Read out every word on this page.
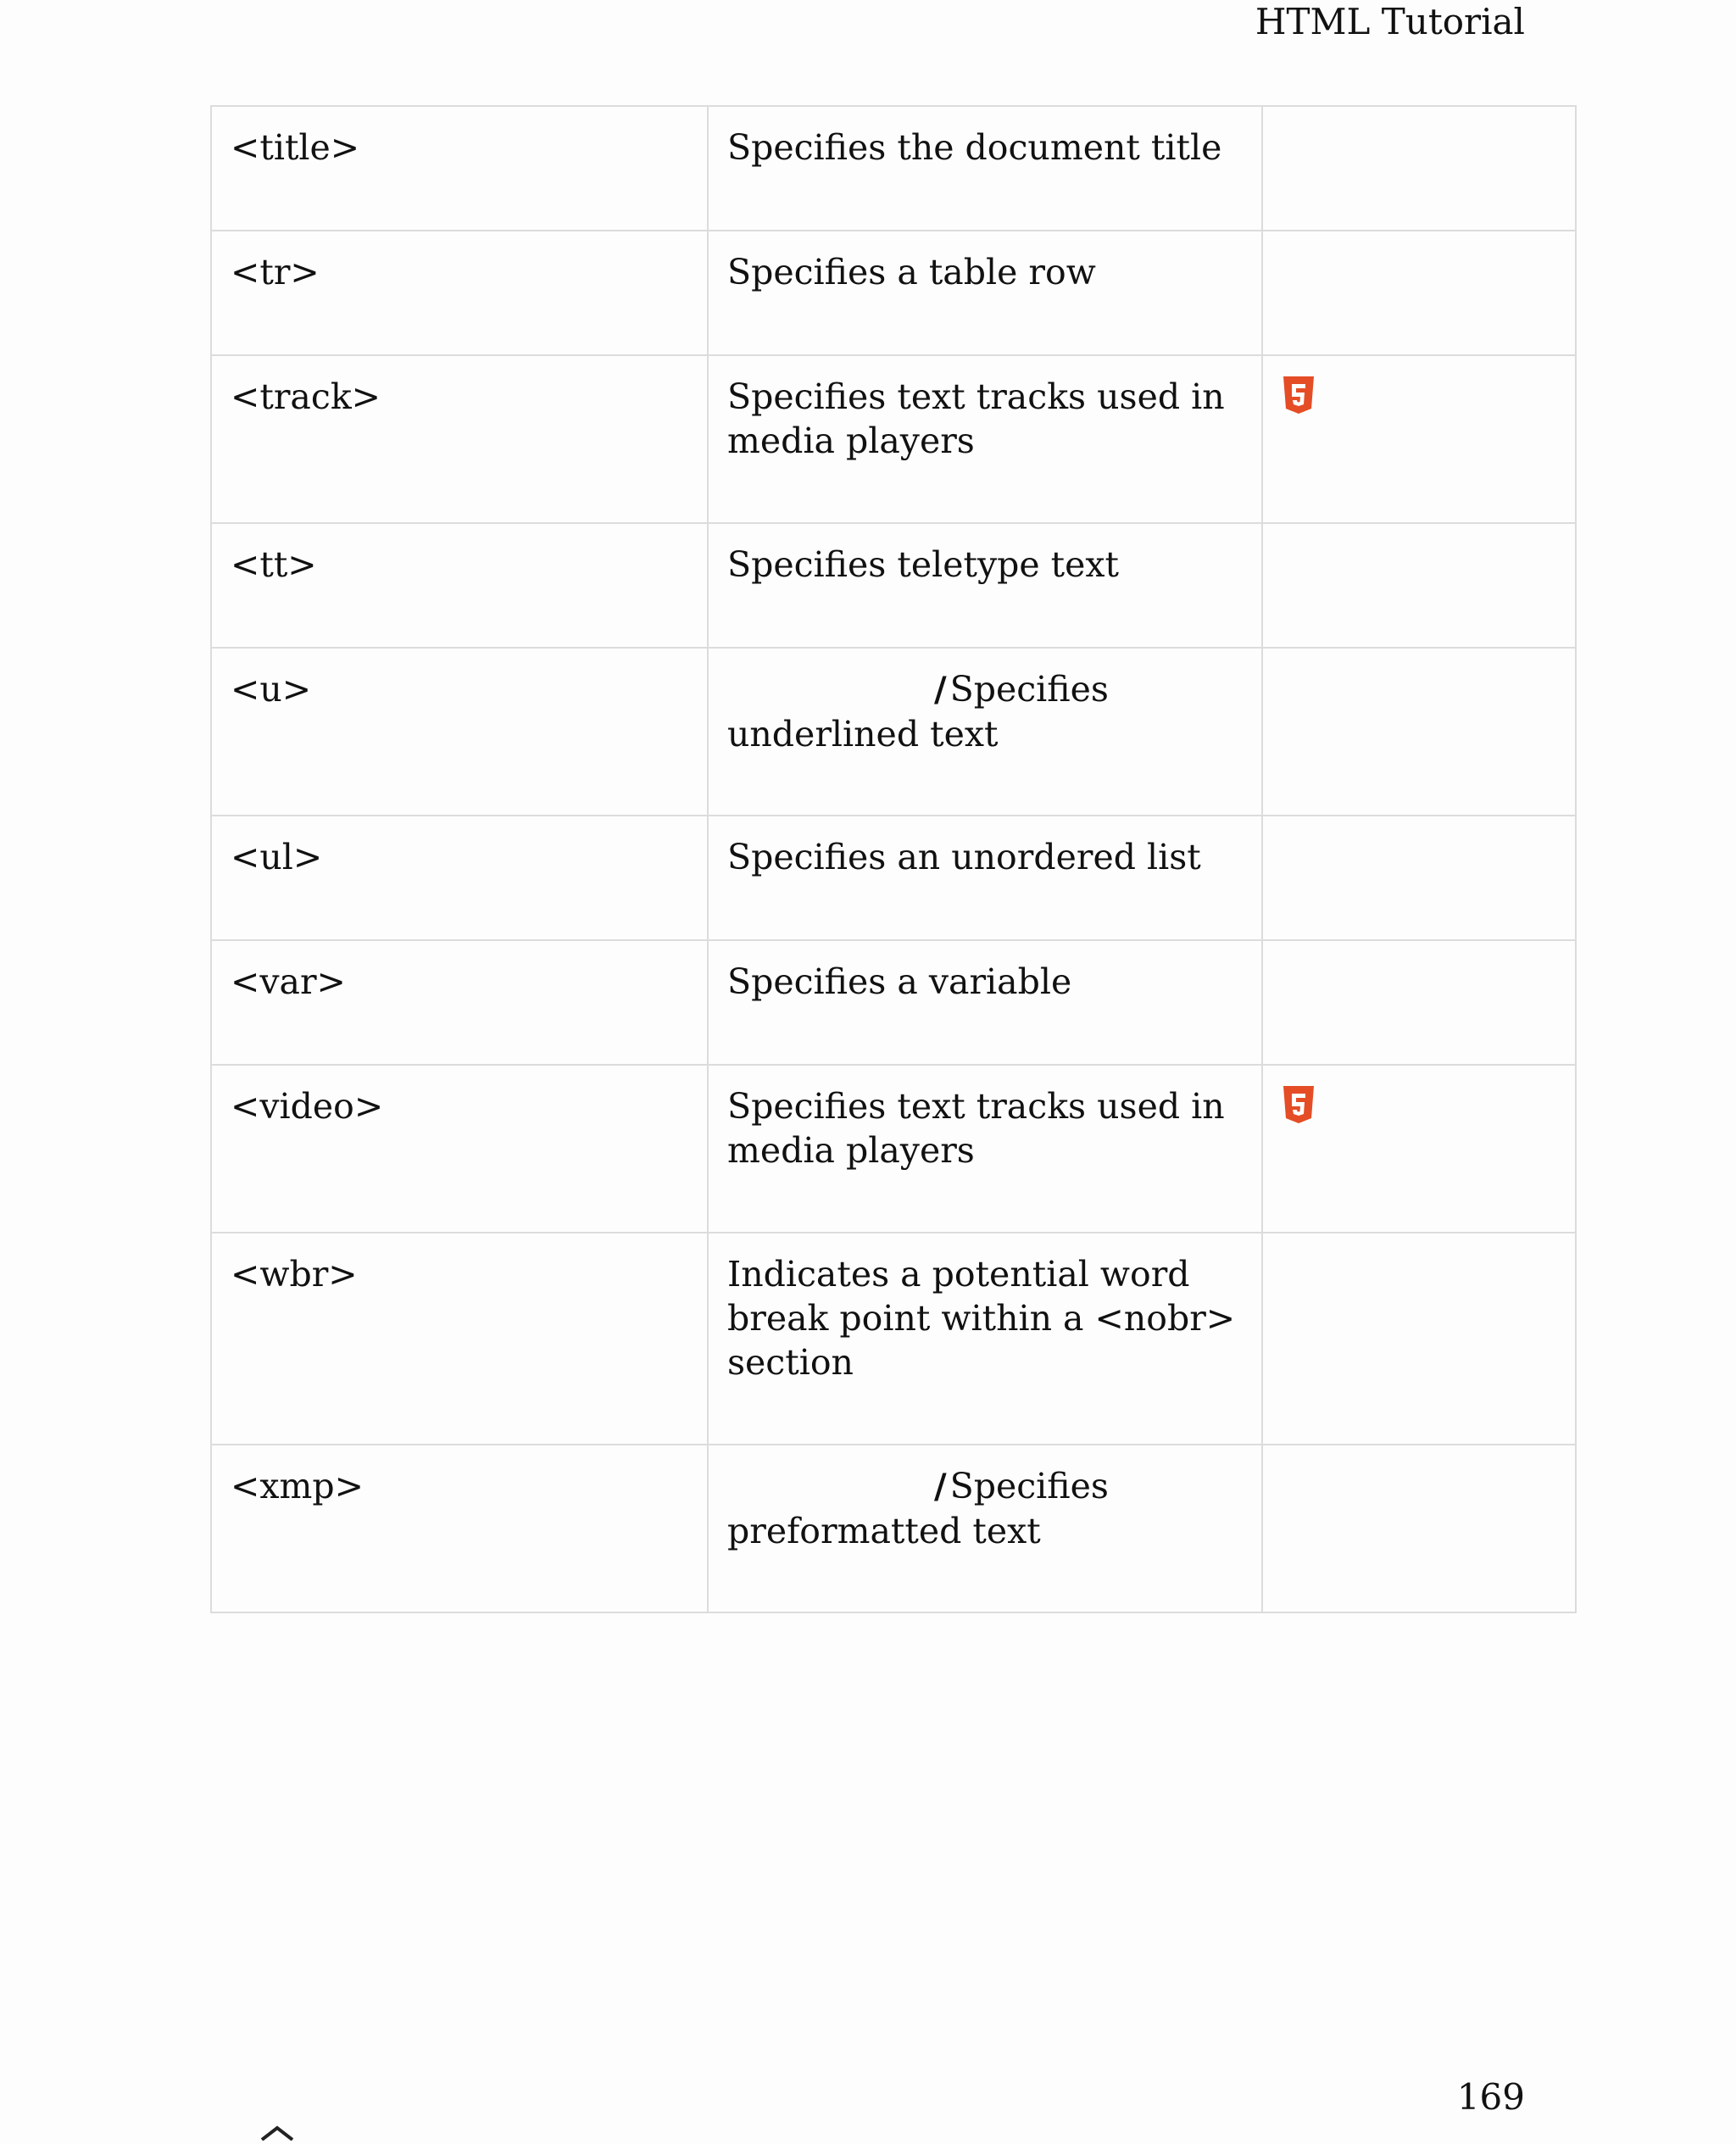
HTML Tutorial
<title>	Specifies the document title	
<tr>	Specifies a table row	
<track>	Specifies text tracks used in media players	
<tt>	Specifies teletype text	
<u>	/Specifies underlined text	
<ul>	Specifies an unordered list	
<var>	Specifies a variable	
<video>	Specifies text tracks used in media players	
<wbr>	Indicates a potential word break point within a <nobr> section	
<xmp>	/Specifies preformatted text	
169
